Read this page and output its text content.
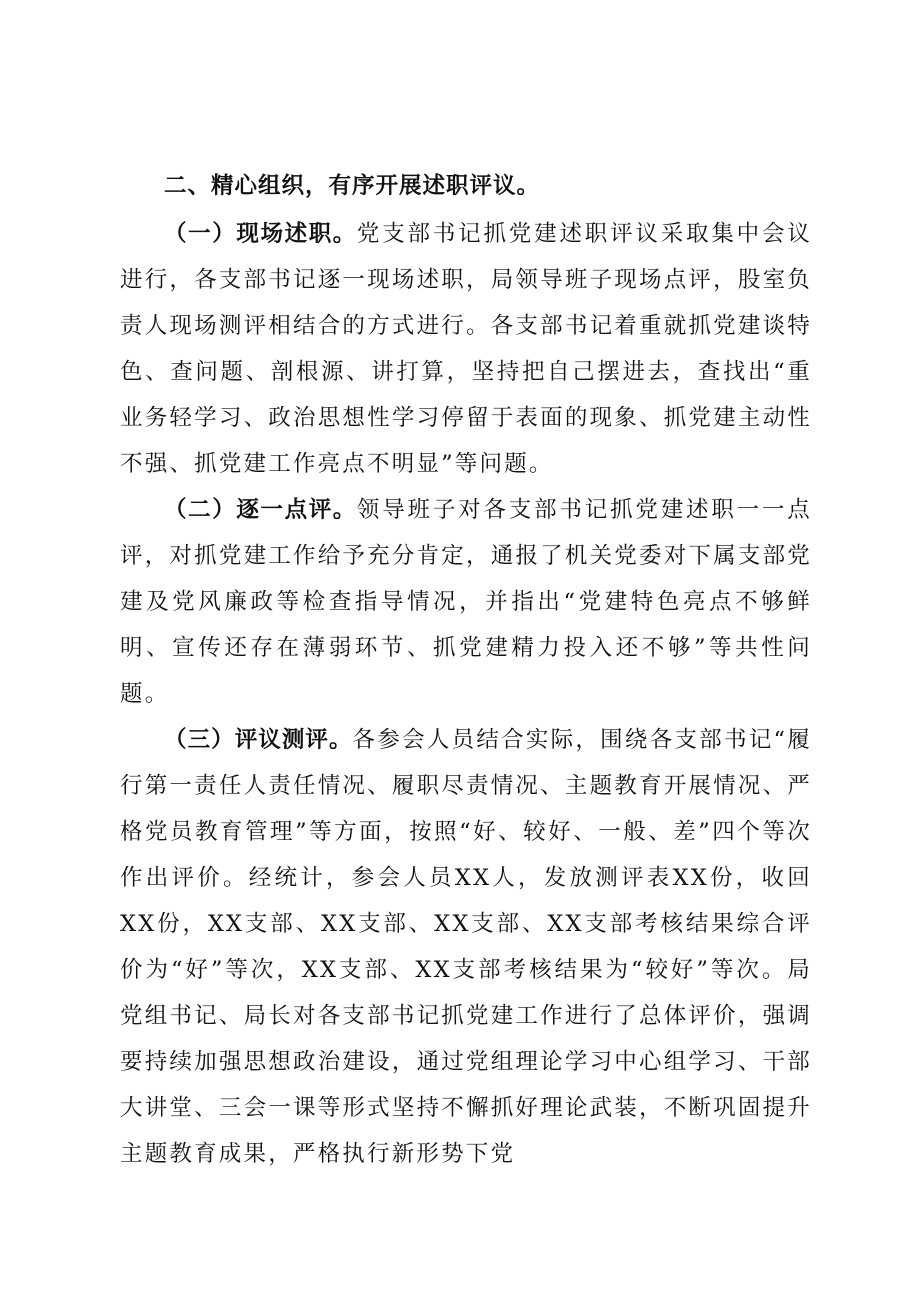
二、精心组织，有序开展述职评议。

（一）现场述职。党支部书记抓党建述职评议采取集中会议进行，各支部书记逐一现场述职，局领导班子现场点评，股室负责人现场测评相结合的方式进行。各支部书记着重就抓党建谈特色、查问题、剖根源、讲打算，坚持把自己摆进去，查找出“重业务轻学习、政治思想性学习停留于表面的现象、抓党建主动性不强、抓党建工作亮点不明显”等问题。

（二）逐一点评。领导班子对各支部书记抓党建述职一一点评，对抓党建工作给予充分肯定，通报了机关党委对下属支部党建及党风廉政等检查指导情况，并指出“党建特色亮点不够鲜明、宣传还存在薄弱环节、抓党建精力投入还不够”等共性问题。

（三）评议测评。各参会人员结合实际，围绕各支部书记“履行第一责任人责任情况、履职尽责情况、主题教育开展情况、严格党员教育管理”等方面，按照“好、较好、一般、差”四个等次作出评价。经统计，参会人员XX人，发放测评表XX份，收回XX份，XX支部、XX支部、XX支部、XX支部考核结果综合评价为“好”等次，XX支部、XX支部考核结果为“较好”等次。局党组书记、局长对各支部书记抓党建工作进行了总体评价，强调要持续加强思想政治建设，通过党组理论学习中心组学习、干部大讲堂、三会一课等形式坚持不懈抓好理论武装，不断巩固提升主题教育成果，严格执行新形势下党
